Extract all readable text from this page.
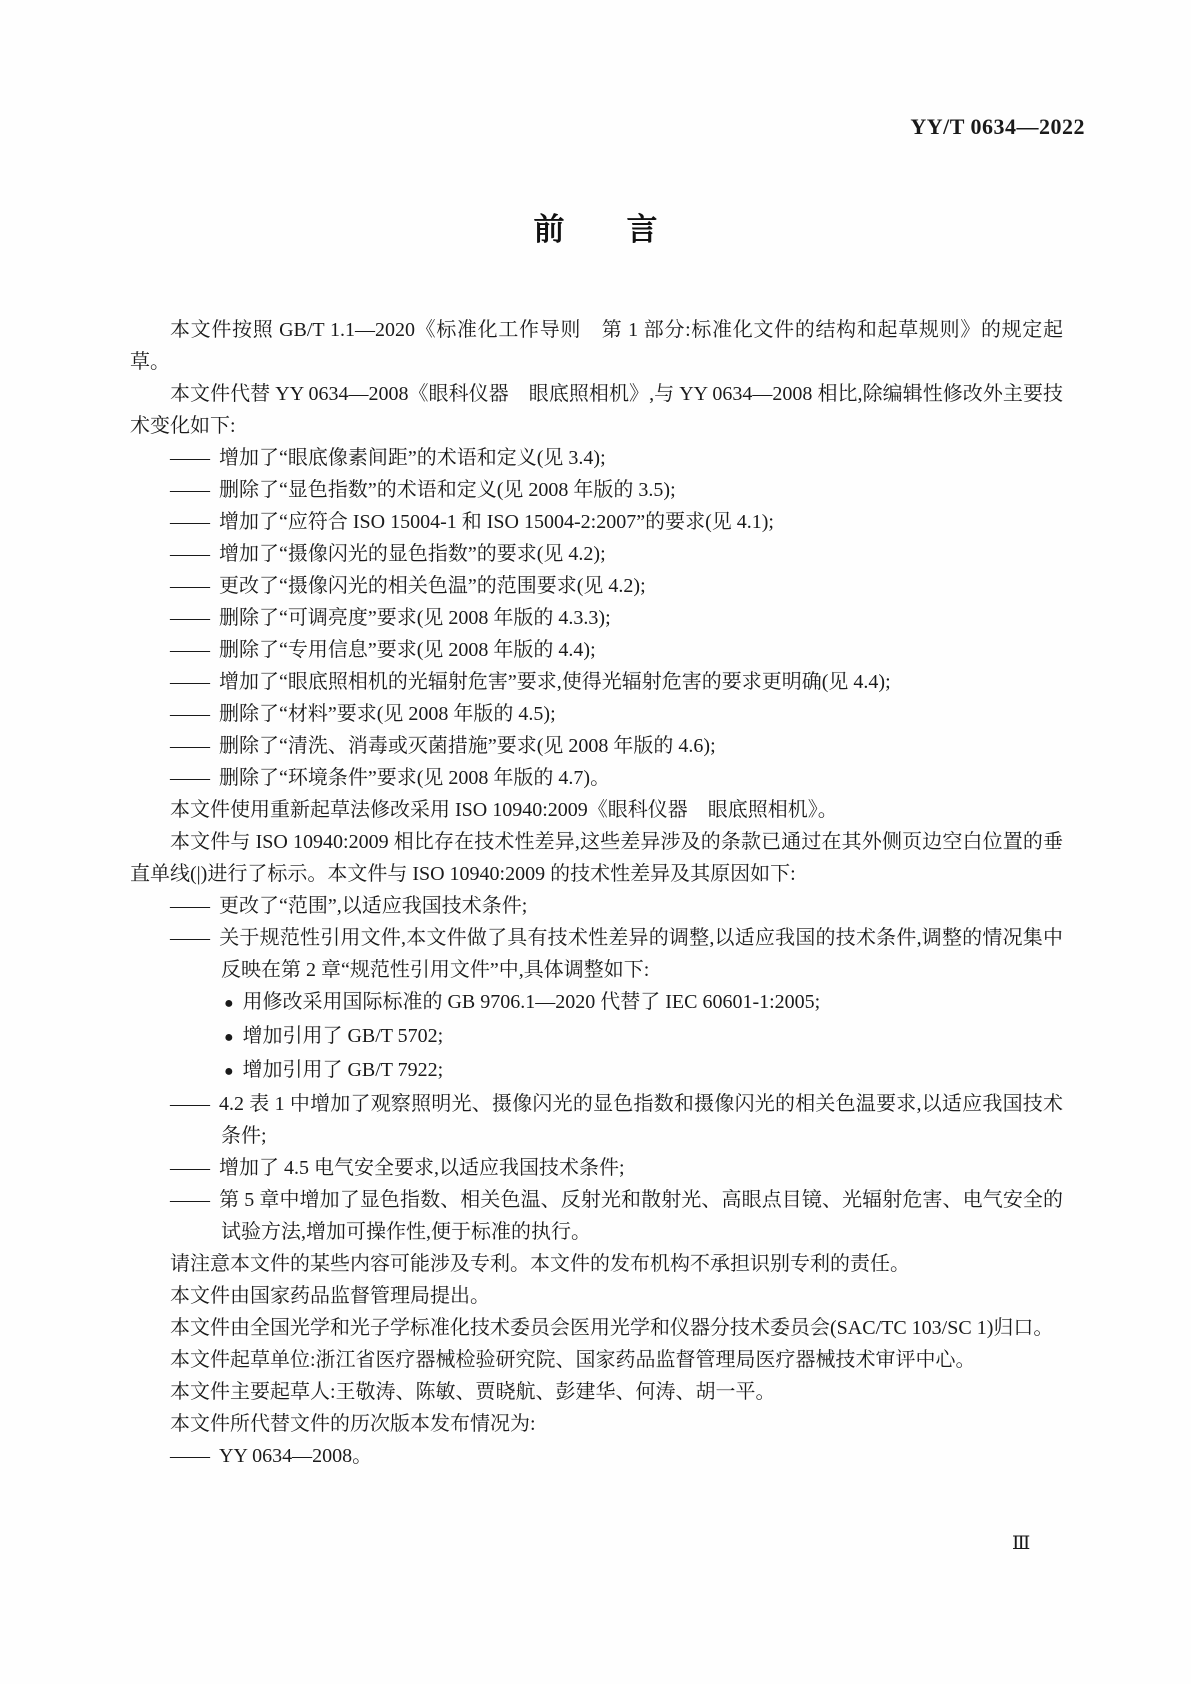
YY/T 0634—2022
前　　言
本文件按照 GB/T 1.1—2020《标准化工作导则　第 1 部分:标准化文件的结构和起草规则》的规定起草。
本文件代替 YY 0634—2008《眼科仪器　眼底照相机》,与 YY 0634—2008 相比,除编辑性修改外主要技术变化如下:
—— 增加了“眼底像素间距”的术语和定义(见 3.4);
—— 删除了“显色指数”的术语和定义(见 2008 年版的 3.5);
—— 增加了“应符合 ISO 15004-1 和 ISO 15004-2:2007”的要求(见 4.1);
—— 增加了“摄像闪光的显色指数”的要求(见 4.2);
—— 更改了“摄像闪光的相关色温”的范围要求(见 4.2);
—— 删除了“可调亮度”要求(见 2008 年版的 4.3.3);
—— 删除了“专用信息”要求(见 2008 年版的 4.4);
—— 增加了“眼底照相机的光辐射危害”要求,使得光辐射危害的要求更明确(见 4.4);
—— 删除了“材料”要求(见 2008 年版的 4.5);
—— 删除了“清洗、消毒或灭菌措施”要求(见 2008 年版的 4.6);
—— 删除了“环境条件”要求(见 2008 年版的 4.7)。
本文件使用重新起草法修改采用 ISO 10940:2009《眼科仪器　眼底照相机》。
本文件与 ISO 10940:2009 相比存在技术性差异,这些差异涉及的条款已通过在其外侧页边空白位置的垂直单线(|)进行了标示。本文件与 ISO 10940:2009 的技术性差异及其原因如下:
—— 更改了“范围”,以适应我国技术条件;
—— 关于规范性引用文件,本文件做了具有技术性差异的调整,以适应我国的技术条件,调整的情况集中反映在第 2 章“规范性引用文件”中,具体调整如下:
● 用修改采用国际标准的 GB 9706.1—2020 代替了 IEC 60601-1:2005;
● 增加引用了 GB/T 5702;
● 增加引用了 GB/T 7922;
—— 4.2 表 1 中增加了观察照明光、摄像闪光的显色指数和摄像闪光的相关色温要求,以适应我国技术条件;
—— 增加了 4.5 电气安全要求,以适应我国技术条件;
—— 第 5 章中增加了显色指数、相关色温、反射光和散射光、高眼点目镜、光辐射危害、电气安全的试验方法,增加可操作性,便于标准的执行。
请注意本文件的某些内容可能涉及专利。本文件的发布机构不承担识别专利的责任。
本文件由国家药品监督管理局提出。
本文件由全国光学和光子学标准化技术委员会医用光学和仪器分技术委员会(SAC/TC 103/SC 1)归口。
本文件起草单位:浙江省医疗器械检验研究院、国家药品监督管理局医疗器械技术审评中心。
本文件主要起草人:王敬涛、陈敏、贾晓航、彭建华、何涛、胡一平。
本文件所代替文件的历次版本发布情况为:
—— YY 0634—2008。
Ⅲ
